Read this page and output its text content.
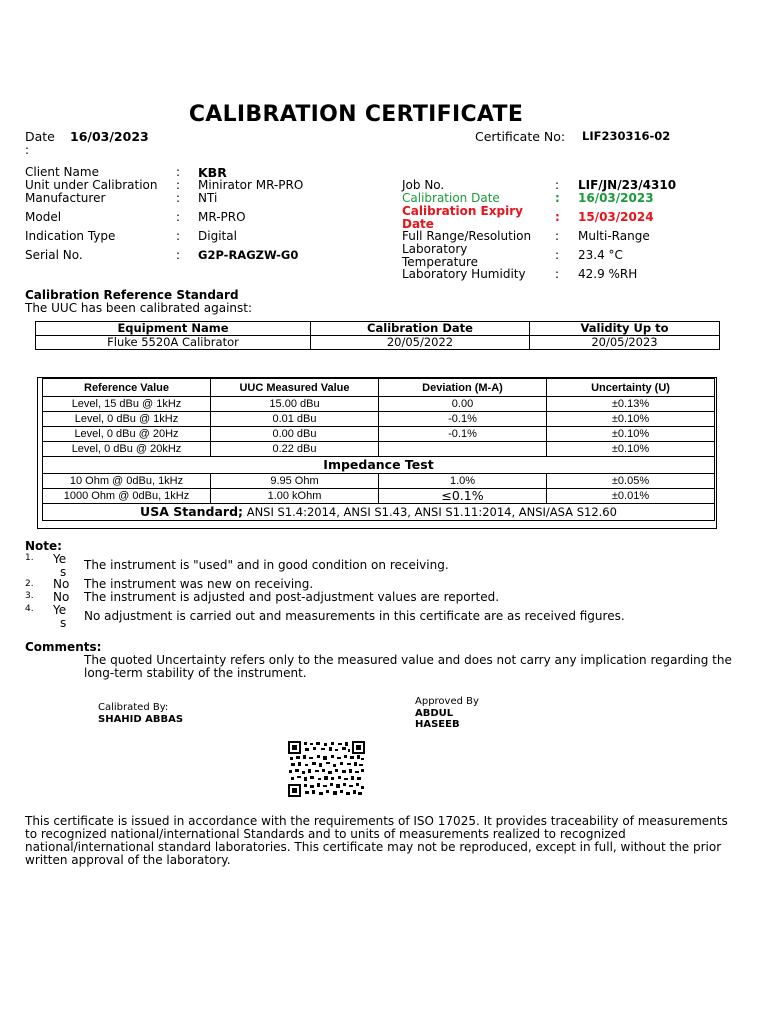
CALIBRATION CERTIFICATE
Date 16/03/2023
:
Certificate No: LIF230316-02
Client Name	: KBR
Unit under Calibration : Minirator MR-PRO
Manufacturer	: NTi
Model	: MR-PRO
Indication Type	: Digital
Serial No.	: G2P-RAGZW-G0
Job No.	: LIF/JN/23/4310
Calibration Date	: 16/03/2023
Calibration Expiry
Date	: 15/03/2024
Full Range/Resolution : Multi-Range
Laboratory
Temperature	: 23.4 °C
Laboratory Humidity : 42.9 %RH
Calibration Reference Standard
The UUC has been calibrated against:
Equipment Name	Calibration Date	Validity Up to
Fluke 5520A Calibrator	20/05/2022	20/05/2023
Reference Value	UUC Measured Value	Deviation (M-A)	Uncertainty (U)
Level, 15 dBu @ 1kHz	15.00 dBu	0.00	±0.13%
Level, 0 dBu @ 1kHz	0.01 dBu	-0.1%	±0.10%
Level, 0 dBu @ 20Hz	0.00 dBu	-0.1%	±0.10%
Level, 0 dBu @ 20kHz	0.22 dBu		±0.10%
Impedance Test			
10 Ohm @ 0dBu, 1kHz	9.95 Ohm	1.0%	±0.05%
1000 Ohm @ 0dBu, 1kHz	1.00 kOhm	≤0.1%	±0.01%
USA Standard; ANSI S1.4:2014, ANSI S1.43, ANSI S1.11:2014, ANSI/ASA S12.60			
Note:
1. Ye
s The instrument is "used" and in good condition on receiving.
2. No The instrument was new on receiving.
3. No The instrument is adjusted and post-adjustment values are reported.
4. Ye
s No adjustment is carried out and measurements in this certificate are as received figures.
Comments:
The quoted Uncertainty refers only to the measured value and does not carry any implication regarding the
long-term stability of the instrument.
Calibrated By:
SHAHID ABBAS
Approved By
ABDUL
HASEEB
This certificate is issued in accordance with the requirements of ISO 17025. It provides traceability of measurements
to recognized national/international Standards and to units of measurements realized to recognized
national/international standard laboratories. This certificate may not be reproduced, except in full, without the prior
written approval of the laboratory.
